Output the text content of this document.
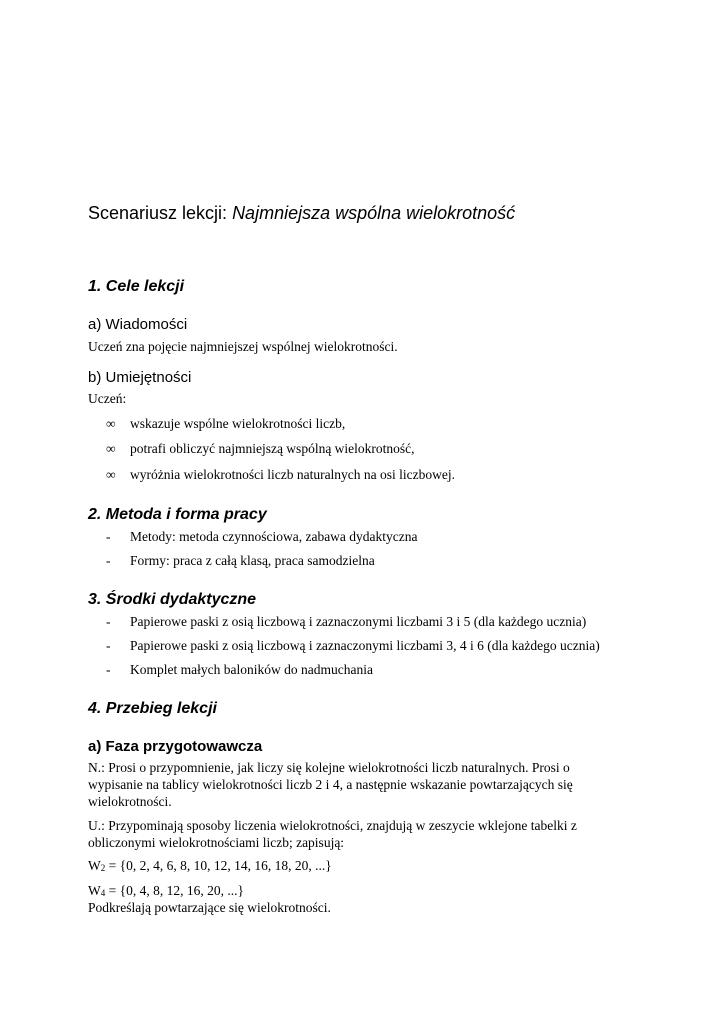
Scenariusz lekcji: Najmniejsza wspólna wielokrotność
1. Cele lekcji
a) Wiadomości
Uczeń zna pojęcie najmniejszej wspólnej wielokrotności.
b) Umiejętności
Uczeń:
∞	wskazuje wspólne wielokrotności liczb,
∞	potrafi obliczyć najmniejszą wspólną wielokrotność,
∞	wyróżnia wielokrotności liczb naturalnych na osi liczbowej.
2. Metoda i forma pracy
-	Metody: metoda czynnościowa, zabawa dydaktyczna
-	Formy: praca z całą klasą, praca samodzielna
3. Środki dydaktyczne
-	Papierowe paski z osią liczbową i zaznaczonymi liczbami 3 i 5 (dla każdego ucznia)
-	Papierowe paski z osią liczbową i zaznaczonymi liczbami 3, 4 i 6 (dla każdego ucznia)
-	Komplet małych baloników do nadmuchania
4. Przebieg lekcji
a) Faza przygotowawcza
N.: Prosi o przypomnienie, jak liczy się kolejne wielokrotności liczb naturalnych. Prosi o
wypisanie na tablicy wielokrotności liczb 2 i 4, a następnie wskazanie powtarzających się
wielokrotności.
U.: Przypominają sposoby liczenia wielokrotności, znajdują w zeszycie wklejone tabelki z
obliczonymi wielokrotnościami liczb; zapisują:
$W_2 = \{0$, 2, 4, 6, 8, 10, 12, 14, 16, 18, 20, ...}
$W_4 = \{0$, 4, 8, 12, 16, 20, ...}
Podkreślają powtarzające się wielokrotności.
